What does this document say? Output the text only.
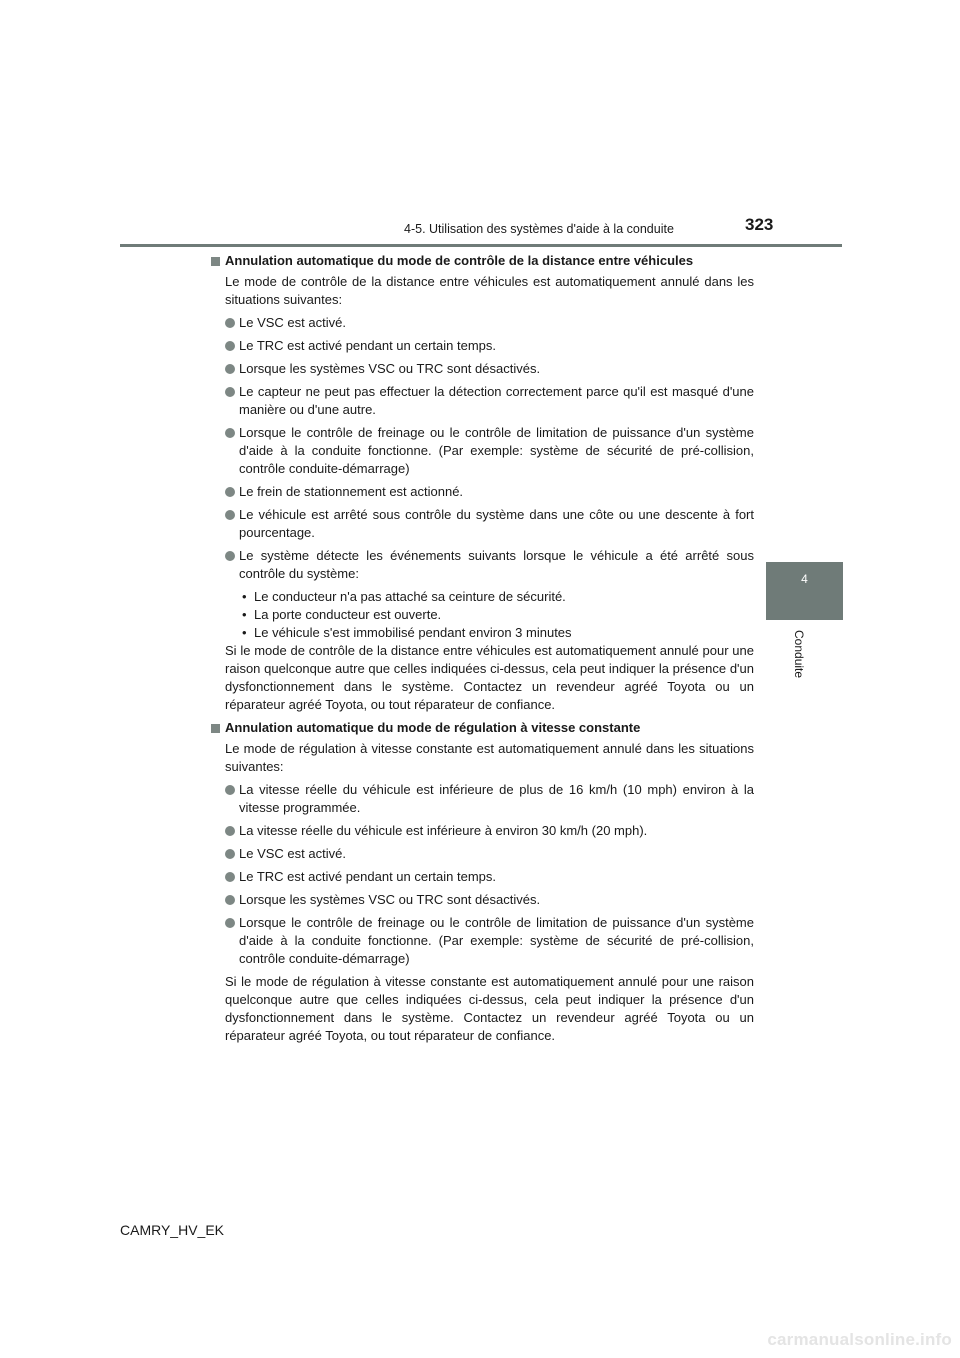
4-5. Utilisation des systèmes d'aide à la conduite	323
4
Conduite
Annulation automatique du mode de contrôle de la distance entre véhicules

Le mode de contrôle de la distance entre véhicules est automatiquement annulé dans les situations suivantes:

Le VSC est activé.
Le TRC est activé pendant un certain temps.
Lorsque les systèmes VSC ou TRC sont désactivés.
Le capteur ne peut pas effectuer la détection correctement parce qu'il est masqué d'une manière ou d'une autre.
Lorsque le contrôle de freinage ou le contrôle de limitation de puissance d'un système d'aide à la conduite fonctionne. (Par exemple: système de sécurité de pré-collision, contrôle conduite-démarrage)
Le frein de stationnement est actionné.
Le véhicule est arrêté sous contrôle du système dans une côte ou une descente à fort pourcentage.
Le système détecte les événements suivants lorsque le véhicule a été arrêté sous contrôle du système:
• Le conducteur n'a pas attaché sa ceinture de sécurité.
• La porte conducteur est ouverte.
• Le véhicule s'est immobilisé pendant environ 3 minutes

Si le mode de contrôle de la distance entre véhicules est automatiquement annulé pour une raison quelconque autre que celles indiquées ci-dessus, cela peut indiquer la présence d'un dysfonctionnement dans le système. Contactez un revendeur agréé Toyota ou un réparateur agréé Toyota, ou tout réparateur de confiance.

Annulation automatique du mode de régulation à vitesse constante

Le mode de régulation à vitesse constante est automatiquement annulé dans les situations suivantes:

La vitesse réelle du véhicule est inférieure de plus de 16 km/h (10 mph) environ à la vitesse programmée.
La vitesse réelle du véhicule est inférieure à environ 30 km/h (20 mph).
Le VSC est activé.
Le TRC est activé pendant un certain temps.
Lorsque les systèmes VSC ou TRC sont désactivés.
Lorsque le contrôle de freinage ou le contrôle de limitation de puissance d'un système d'aide à la conduite fonctionne. (Par exemple: système de sécurité de pré-collision, contrôle conduite-démarrage)

Si le mode de régulation à vitesse constante est automatiquement annulé pour une raison quelconque autre que celles indiquées ci-dessus, cela peut indiquer la présence d'un dysfonctionnement dans le système. Contactez un revendeur agréé Toyota ou un réparateur agréé Toyota, ou tout réparateur de confiance.

CAMRY_HV_EK
carmanualsonline.info
